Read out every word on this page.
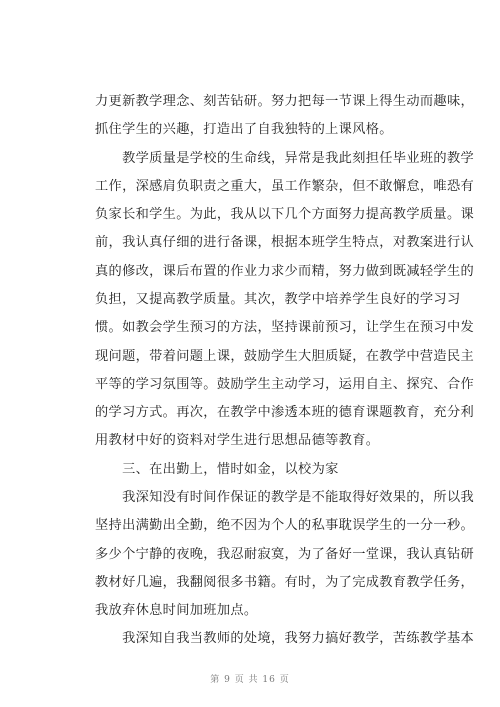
力更新教学理念、刻苦钻研。努力把每一节课上得生动而趣味，
抓住学生的兴趣，打造出了自我独特的上课风格。
　　教学质量是学校的生命线，异常是我此刻担任毕业班的教学
工作，深感肩负职责之重大，虽工作繁杂，但不敢懈怠，唯恐有
负家长和学生。为此，我从以下几个方面努力提高教学质量。课
前，我认真仔细的进行备课，根据本班学生特点，对教案进行认
真的修改，课后布置的作业力求少而精，努力做到既减轻学生的
负担，又提高教学质量。其次，教学中培养学生良好的学习习
惯。如教会学生预习的方法，坚持课前预习，让学生在预习中发
现问题，带着问题上课，鼓励学生大胆质疑，在教学中营造民主
平等的学习氛围等。鼓励学生主动学习，运用自主、探究、合作
的学习方式。再次，在教学中渗透本班的德育课题教育，充分利
用教材中好的资料对学生进行思想品德等教育。
　　三、在出勤上，惜时如金，以校为家
　　我深知没有时间作保证的教学是不能取得好效果的，所以我
坚持出满勤出全勤，绝不因为个人的私事耽误学生的一分一秒。
多少个宁静的夜晚，我忍耐寂寞，为了备好一堂课，我认真钻研
教材好几遍，我翻阅很多书籍。有时，为了完成教育教学任务，
我放弃休息时间加班加点。
　　我深知自我当教师的处境，我努力搞好教学，苦练教学基本
第 9 页 共 16 页
